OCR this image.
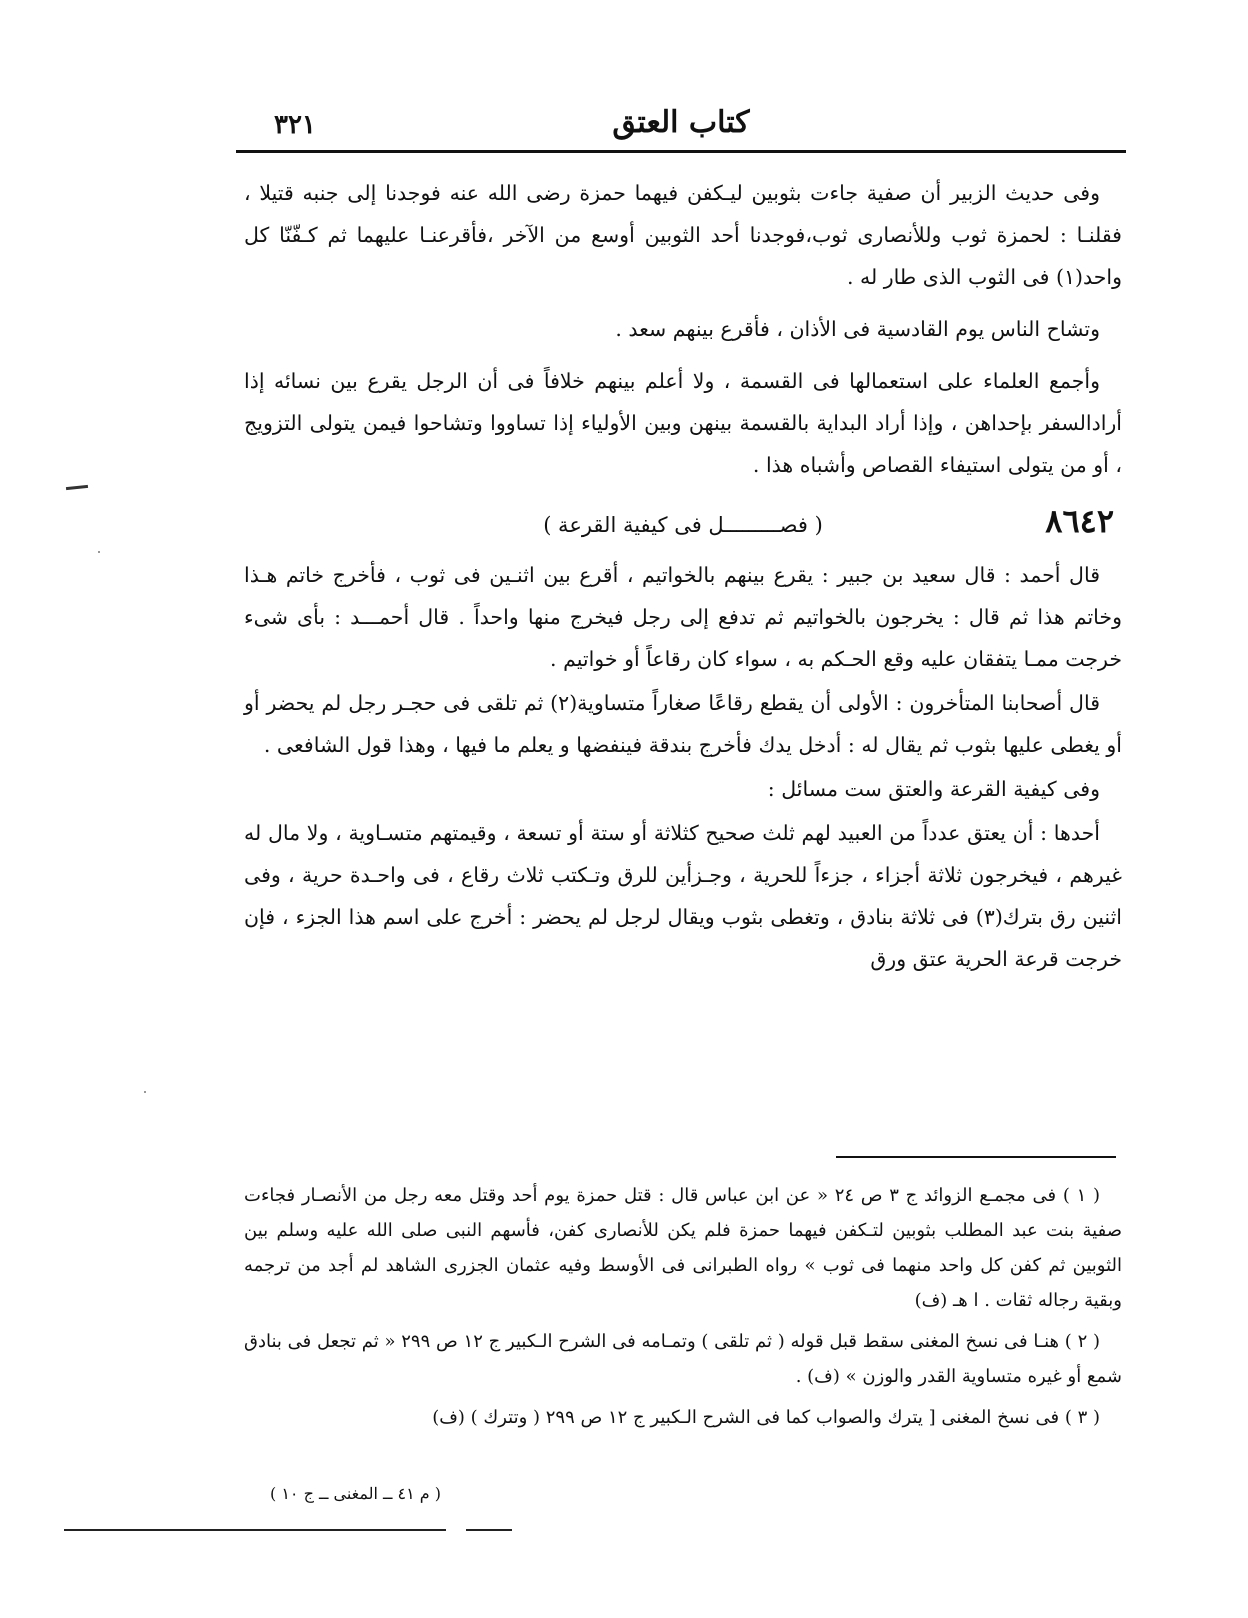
٣٢١	كتاب العتق

وفى حديث الزبير أن صفية جاءت بثوبين ليـكفن فيهما حمزة رضى الله عنه فوجدنا إلى جنبه قتيلا ، فقلنـا : لحمزة ثوب وللأنصارى ثوب،فوجدنا أحد الثوبين أوسع من الآخر ،فأقرعنـا عليهما ثم كـفّنّا كل واحد(١) فى الثوب الذى طار له .

وتشاح الناس يوم القادسية فى الأذان ، فأقرع بينهم سعد .

وأجمع العلماء على استعمالها فى القسمة ، ولا أعلم بينهم خلافاً فى أن الرجل يقرع بين نسائه إذا أرادالسفر بإحداهن ، وإذا أراد البداية بالقسمة بينهن وبين الأولياء إذا تساووا وتشاحوا فيمن يتولى التزويج ، أو من يتولى استيفاء القصاص وأشباه هذا .

٨٦٤٢
( فصـــــــــل فى كيفية القرعة )

قال أحمد : قال سعيد بن جبير : يقرع بينهم بالخواتيم ، أقرع بين اثنـين فى ثوب ، فأخرج خاتم هـذا وخاتم هذا ثم قال : يخرجون بالخواتيم ثم تدفع إلى رجل فيخرج منها واحداً . قال أحمـــد : بأى شىء خرجت ممـا يتفقان عليه وقع الحـكم به ، سواء كان رقاعاً أو خواتيم .

قال أصحابنا المتأخرون : الأولى أن يقطع رقاعًا صغاراً متساوية(٢) ثم تلقى فى حجـر رجل لم يحضر أو أو يغطى عليها بثوب ثم يقال له : أدخل يدك فأخرج بندقة فينفضها و يعلم ما فيها ، وهذا قول الشافعى .

وفى كيفية القرعة والعتق ست مسائل :

أحدها : أن يعتق عدداً من العبيد لهم ثلث صحيح كثلاثة أو ستة أو تسعة ، وقيمتهم متسـاوية ، ولا مال له غيرهم ، فيخرجون ثلاثة أجزاء ، جزءاً للحرية ، وجـزأين للرق وتـكتب ثلاث رقاع ، فى واحـدة حرية ، وفى اثنين رق بترك(٣) فى ثلاثة بنادق ، وتغطى بثوب ويقال لرجل لم يحضر : أخرج على اسم هذا الجزء ، فإن خرجت قرعة الحرية عتق ورق

( ١ ) فى مجمـع الزوائد ج ٣ ص ٢٤ « عن ابن عباس قال : قتل حمزة يوم أحد وقتل معه رجل من الأنصـار فجاءت صفية بنت عبد المطلب بثوبين لتـكفن فيهما حمزة فلم يكن للأنصارى كفن، فأسهم النبى صلى الله عليه وسلم بين الثوبين ثم كفن كل واحد منهما فى ثوب » رواه الطبرانى فى الأوسط وفيه عثمان الجزرى الشاهد لم أجد من ترجمه وبقية رجاله ثقات . ا هـ (ف)

( ٢ ) هنـا فى نسخ المغنى سقط قبل قوله ( ثم تلقى ) وتمـامه فى الشرح الـكبير ج ١٢ ص ٢٩٩ « ثم تجعل فى بنادق شمع أو غيره متساوية القدر والوزن » (ف) .

( ٣ ) فى نسخ المغنى [ يترك والصواب كما فى الشرح الـكبير ج ١٢ ص ٢٩٩ ( وتترك ) (ف)

( م ٤١ ــ المغنى ــ ج ١٠ )
